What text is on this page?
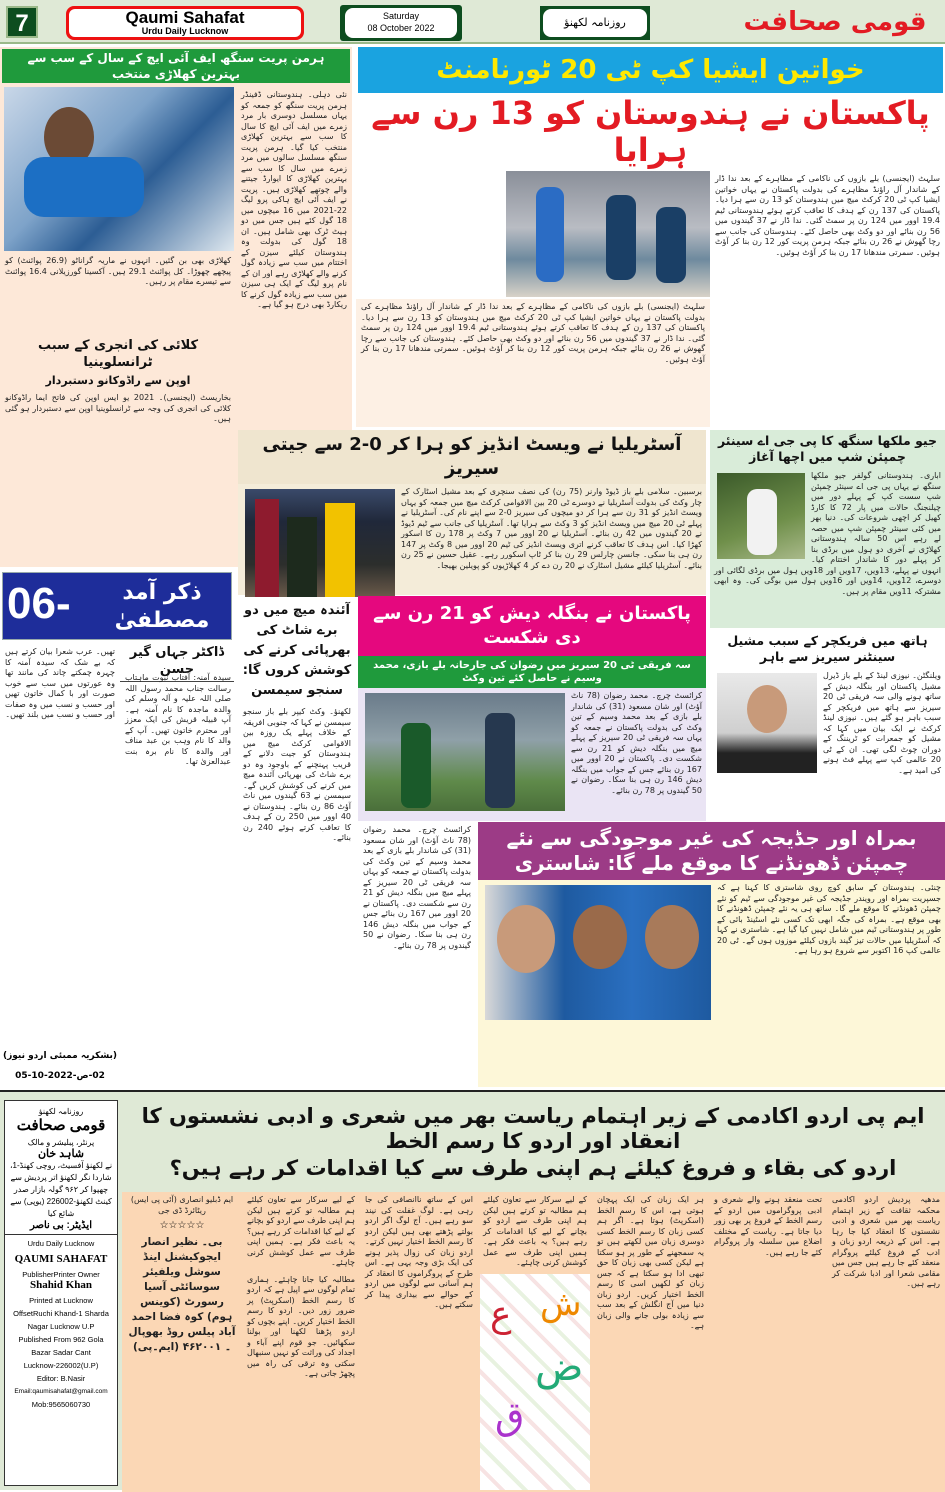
7	Qaumi Sahafat
Urdu Daily Lucknow
Saturday
08 October 2022	روزنامہ لکھنؤ	قومی صحافت
ہرمن پریت سنگھ ایف آئی ایچ کے سال کے سب سے بہترین کھلاڑی منتخب
نئی دہلی۔ ہندوستانی ڈفینڈر ہرمن پریت سنگھ کو جمعہ کو یہاں مسلسل دوسری بار مرد زمرے میں ایف آئی ایچ کا سال کا سب سے بہترین کھلاڑی منتخب کیا گیا۔ ہرمن پریت سنگھ مسلسل سالوں میں مرد زمرے میں سال کا سب سے بہترین کھلاڑی کا ایوارڈ جیتنے والے چوتھے کھلاڑی ہیں۔ پریت نے ایف آئی ایچ ہاکی پرو لیگ 22-2021 میں 16 میچوں میں 18 گول کئے ہیں جس میں دو ہیٹ ٹرک بھی شامل ہیں۔ ان 18 گول کی بدولت وہ ہندوستان کیلئے سیزن کے اختتام میں سب سے زیادہ گول کرنے والے کھلاڑی رہے اور ان کے نام پرو لیگ کے ایک ہی سیزن میں سب سے زیادہ گول کرنے کا ریکارڈ بھی درج ہو گیا ہے۔
کھلاڑی بھی بن گئیں۔ انہوں نے ماریہ گراناٹو (26.9 پوائنٹ) کو پیچھے چھوڑا۔ کل پوائنٹ 29.1 ہیں۔ آکسینا گورزیلانی 16.4 پوائنٹ سے تیسرے مقام پر رہیں۔
کلائی کی انجری کے سبب ٹرانسلوینیا
اوپن سے راڈوکانو دستبردار
بخاریسٹ (ایجنسی)۔ 2021 یو ایس اوپن کی فاتح ایما راڈوکانو کلائی کی انجری کی وجہ سے ٹرانسلوینیا اوپن سے دستبردار ہو گئی ہیں۔
خواتین ایشیا کپ ٹی 20 ٹورنامنٹ
پاکستان نے ہندوستان کو 13 رن سے ہرایا
سلہٹ (ایجنسی) بلے بازوں کی ناکامی کے مظاہرے کے بعد ندا ڈار کے شاندار آل راؤنڈ مظاہرے کی بدولت پاکستان نے یہاں خواتین ایشیا کپ ٹی 20 کرکٹ میچ میں ہندوستان کو 13 رن سے ہرا دیا۔ پاکستان کی 137 رن کے ہدف کا تعاقب کرتے ہوئے ہندوستانی ٹیم 19.4 اوور میں 124 رن پر سمٹ گئی۔ ندا ڈار نے 37 گیندوں میں 56 رن بنائے اور دو وکٹ بھی حاصل کئے۔ ہندوستان کی جانب سے رچا گھوش نے 26 رن بنائے جبکہ ہرمن پریت کور 12 رن بنا کر آؤٹ ہوئیں۔ سمرتی مندھانا 17 رن بنا کر آؤٹ ہوئیں۔
سلہٹ (ایجنسی) بلے بازوں کی ناکامی کے مظاہرے کے بعد ندا ڈار کے شاندار آل راؤنڈ مظاہرے کی بدولت پاکستان نے یہاں خواتین ایشیا کپ ٹی 20 کرکٹ میچ میں ہندوستان کو 13 رن سے ہرا دیا۔ پاکستان کی 137 رن کے ہدف کا تعاقب کرتے ہوئے ہندوستانی ٹیم 19.4 اوور میں 124 رن پر سمٹ گئی۔ ندا ڈار نے 37 گیندوں میں 56 رن بنائے اور دو وکٹ بھی حاصل کئے۔ ہندوستان کی جانب سے رچا گھوش نے 26 رن بنائے جبکہ ہرمن پریت کور 12 رن بنا کر آؤٹ ہوئیں۔ سمرتی مندھانا 17 رن بنا کر آؤٹ ہوئیں۔
آسٹریلیا نے ویسٹ انڈیز کو ہرا کر 0-2 سے جیتی سیریز
برسبین۔ سلامی بلے باز ڈیوڈ وارنر (75 رن) کی نصف سنچری کے بعد مشیل اسٹارک کے چار وکٹ کی بدولت آسٹریلیا نے دوسرے ٹی 20 بین الاقوامی کرکٹ میچ میں جمعہ کو یہاں ویسٹ انڈیز کو 31 رن سے ہرا کر دو میچوں کی سیریز 0-2 سے اپنے نام کی۔ آسٹریلیا نے پہلے ٹی 20 میچ میں ویسٹ انڈیز کو 3 وکٹ سے ہرایا تھا۔ آسٹریلیا کی جانب سے ٹیم ڈیوڈ نے 20 گیندوں میں 42 رن بنائے۔ آسٹریلیا نے 20 اوور میں 7 وکٹ پر 178 رن کا اسکور کھڑا کیا۔ اس ہدف کا تعاقب کرنے اتری ویسٹ انڈیز کی ٹیم 20 اوور میں 8 وکٹ پر 147 رن ہی بنا سکی۔ جانسن چارلس 29 رن بنا کر ٹاپ اسکورر رہے۔ عقیل حسین نے 25 رن بنائے۔ آسٹریلیا کیلئے مشیل اسٹارک نے 20 رن دے کر 4 کھلاڑیوں کو پویلین بھیجا۔
جیو ملکھا سنگھ کا پی جی اے سینئر چمپئن شپ میں اچھا آغاز
اباری۔ ہندوستانی گولفر جیو ملکھا سنگھ نے یہاں پی جی اے سینئر چمپئن شپ سست کپ کے پہلے دور میں چیلنجنگ حالات میں پار 72 کا کارڈ کھیل کر اچھی شروعات کی۔ دنیا بھر میں کئی سینئر چمپئن شپ میں حصہ لے رہے اس 50 سالہ ہندوستانی کھلاڑی نے آخری دو ہول میں برڈی بنا کر پہلے دور کا شاندار اختتام کیا۔ انہوں نے پہلے، 13ویں، 17ویں اور 18ویں ہول میں برڈی لگائی اور دوسرے، 12ویں، 14ویں اور 16ویں ہول میں بوگی کی۔ وہ ابھی مشترکہ 11ویں مقام پر ہیں۔
06-	ذکر آمد مصطفیٰ
ڈاکٹر جہاں گیر حسن
سیدہ آمنہ: آفتاب نبوت ماہتاب رسالت جناب محمد رسول اللہ صلی اللہ علیہ و آلہ وسلم کی والدہ ماجدہ کا نام آمنہ ہے۔ آپ قبیلہ قریش کی ایک معزز اور محترم خاتون تھیں۔ آپ کے والد کا نام وہب بن عبد مناف اور والدہ کا نام برہ بنت عبدالعزیٰ تھا۔
تھیں۔ عرب شعرا بیان کرتے ہیں کہ بے شک کہ سیدہ آمنہ کا چہرہ چمکتے چاند کی مانند تھا وہ عورتوں میں سب سے خوب صورت اور با کمال خاتون تھیں اور حسب و نسب میں وہ صفات اور حسب و نسب میں بلند تھیں۔
(بشکریہ ممبئی اردو نیوز)
02-ص-2022-10-05
آئندہ میچ میں دو برے شاٹ کی بھرپائی کرنے کی کوشش کروں گا: سنجو سیمسن
لکھنؤ۔ وکٹ کیپر بلے باز سنجو سیمسن نے کہا کہ جنوبی افریقہ کے خلاف پہلے یک روزہ بین الاقوامی کرکٹ میچ میں ہندوستان کو جیت دلانے کے قریب پہنچنے کے باوجود وہ دو برے شاٹ کی بھرپائی آئندہ میچ میں کرنے کی کوشش کریں گے۔ سیمسن نے 63 گیندوں میں ناٹ آؤٹ 86 رن بنائے۔ ہندوستان نے 40 اوور میں 250 رن کے ہدف کا تعاقب کرتے ہوئے 240 رن بنائے۔
پاکستان نے بنگلہ دیش کو 21 رن سے دی شکست
سہ فریقی ٹی 20 سیریز میں رضوان کی جارحانہ بلے بازی، محمد وسیم نے حاصل کئے تین وکٹ
کرائسٹ چرچ۔ محمد رضوان (78 ناٹ آؤٹ) اور شان مسعود (31) کی شاندار بلے بازی کے بعد محمد وسیم کے تین وکٹ کی بدولت پاکستان نے جمعہ کو یہاں سہ فریقی ٹی 20 سیریز کے پہلے میچ میں بنگلہ دیش کو 21 رن سے شکست دی۔ پاکستان نے 20 اوور میں 167 رن بنائے جس کے جواب میں بنگلہ دیش 146 رن ہی بنا سکا۔ رضوان نے 50 گیندوں پر 78 رن بنائے۔
ہاتھ میں فریکچر کے سبب مشیل سینٹنر سیریز سے باہر
ویلنگٹن۔ نیوزی لینڈ کے بلے باز ڈیرل مشیل پاکستان اور بنگلہ دیش کے ساتھ ہونے والی سہ فریقی ٹی 20 سیریز سے ہاتھ میں فریکچر کے سبب باہر ہو گئے ہیں۔ نیوزی لینڈ کرکٹ نے ایک بیان میں کہا کہ مشیل کو جمعرات کو ٹریننگ کے دوران چوٹ لگی تھی۔ ان کے ٹی 20 عالمی کپ سے پہلے فٹ ہونے کی امید ہے۔
بمراہ اور جڈیجہ کی غیر موجودگی سے نئے چمپئن ڈھونڈنے کا موقع ملے گا: شاستری
چنئی۔ ہندوستان کے سابق کوچ روی شاستری کا کہنا ہے کہ جسپریت بمراہ اور رویندر جڈیجہ کی غیر موجودگی سے ٹیم کو نئے چمپئن ڈھونڈنے کا موقع ملے گا۔ ساتھ ہی یہ نئے چمپئن ڈھونڈنے کا بھی موقع ہے۔ بمراہ کی جگہ ابھی تک کسی نئے اسٹینڈ بائی کے طور پر ہندوستانی ٹیم میں شامل نہیں کیا گیا ہے۔ شاستری نے کہا کہ آسٹریلیا میں حالات تیز گیند بازوں کیلئے موزوں ہوں گے۔ ٹی 20 عالمی کپ 16 اکتوبر سے شروع ہو رہا ہے۔
کرائسٹ چرچ۔ محمد رضوان (78 ناٹ آؤٹ) اور شان مسعود (31) کی شاندار بلے بازی کے بعد محمد وسیم کے تین وکٹ کی بدولت پاکستان نے جمعہ کو یہاں سہ فریقی ٹی 20 سیریز کے پہلے میچ میں بنگلہ دیش کو 21 رن سے شکست دی۔ پاکستان نے 20 اوور میں 167 رن بنائے جس کے جواب میں بنگلہ دیش 146 رن ہی بنا سکا۔ رضوان نے 50 گیندوں پر 78 رن بنائے۔
ایم پی اردو اکادمی کے زیر اہتمام ریاست بھر میں شعری و ادبی نشستوں کا انعقاد اور اردو کا رسم الخط
اردو کی بقاء و فروغ کیلئے ہم اپنی طرف سے کیا اقدامات کر رہے ہیں؟
مدھیہ پردیش اردو اکادمی محکمہ ثقافت کے زیر اہتمام ریاست بھر میں شعری و ادبی نشستوں کا انعقاد کیا جا رہا ہے۔ اس کے ذریعہ اردو زبان و ادب کے فروغ کیلئے پروگرام منعقد کئے جا رہے ہیں جس میں مقامی شعرا اور ادبا شرکت کر رہے ہیں۔
تحت منعقد ہونے والے شعری و ادبی پروگراموں میں اردو کے رسم الخط کے فروغ پر بھی زور دیا جاتا ہے۔ ریاست کے مختلف اضلاع میں سلسلہ وار پروگرام کئے جا رہے ہیں۔
ہر ایک زبان کی ایک پہچان ہوتی ہے، اس کا رسم الخط (اسکرپٹ) ہوتا ہے۔ اگر ہم کسی زبان کا رسم الخط کسی دوسری زبان میں لکھتے ہیں تو یہ سمجھنے کے طور پر ہو سکتا ہے لیکن کسی بھی زبان کا حق تبھی ادا ہو سکتا ہے کہ جس زبان کو لکھیں اسی کا رسم الخط اختیار کریں۔ اردو زبان دنیا میں آج انگلش کے بعد سب سے زیادہ بولی جانے والی زبان ہے۔
کے لیے سرکار سے تعاون کیلئے ہم مطالبہ تو کرتے ہیں لیکن ہم اپنی طرف سے اردو کو بچانے کے لیے کیا اقدامات کر رہے ہیں؟ یہ باعث فکر ہے۔ ہمیں اپنی طرف سے عمل کوشش کرنی چاہئے۔
ع
ض
ق
ش
اس کے ساتھ ناانصافی کی جا رہی ہے۔ لوگ غفلت کی نیند سو رہے ہیں۔ آج لوگ اگر اردو بولتے پڑھتے بھی ہیں لیکن اردو کا رسم الخط اختیار نہیں کرتے۔ اردو زبان کی زوال پذیر ہونے کی ایک بڑی وجہ یہی ہے۔ اس طرح کے پروگراموں کا انعقاد کر ہم آسانی سے لوگوں میں اردو کے حوالے سے بیداری پیدا کر سکتے ہیں۔
کے لیے سرکار سے تعاون کیلئے ہم مطالبہ تو کرتے ہیں لیکن ہم اپنی طرف سے اردو کو بچانے کے لیے کیا اقدامات کر رہے ہیں؟ یہ باعث فکر ہے۔ ہمیں اپنی طرف سے عمل کوشش کرنی چاہئے۔
مطالبہ کیا جانا چاہئے۔ ہماری تمام لوگوں سے اپیل ہے کہ اردو کا رسم الخط (اسکرپٹ) پر ضرور زور دیں۔ اردو کا رسم الخط اختیار کریں۔ اپنے بچوں کو اردو پڑھنا لکھنا اور بولنا سکھائیں۔ جو قوم اپنے آباء و اجداد کی وراثت کو نہیں سنبھال سکتی وہ ترقی کی راہ میں پچھڑ جاتی ہے۔
ایم ڈبلیو انصاری (آئی پی ایس) ریٹائرڈ ڈی جی
☆☆☆☆☆
بی۔ نظیر انصار ایجوکیشنل اینڈ سوشل ویلفیئر سوسائٹی آسیا رسورٹ (کوینس ہوم) کوہ فضا احمد آباد پیلس روڈ بھوپال ۔ ۴۶۲۰۰۱ (ایم۔پی)
روزنامہ لکھنؤ
قومی صحافت
پرنٹر، پبلیشر و مالک
شاہد خان
نے لکھنؤ آفسیٹ، روچی کھنڈ-1، شاردا نگر لکھنؤ اتر پردیش سے چھپوا کر ۹۶۲ گولہ بازار صدر کینٹ لکھنؤ-226002 (یوپی) سے شائع کیا
ایڈیٹر: بی ناصر
Urdu Daily Lucknow
QAUMI SAHAFAT
PublisherPrinter Owner
Shahid Khan
Printed at Lucknow
OffsetRuchi Khand-1 Sharda
Nagar Lucknow U.P
Published From 962 Gola
Bazar Sadar Cant
Lucknow-226002(U.P)
Editor: B.Nasir
Email:qaumisahafat@gmail.com
Mob:9565060730
